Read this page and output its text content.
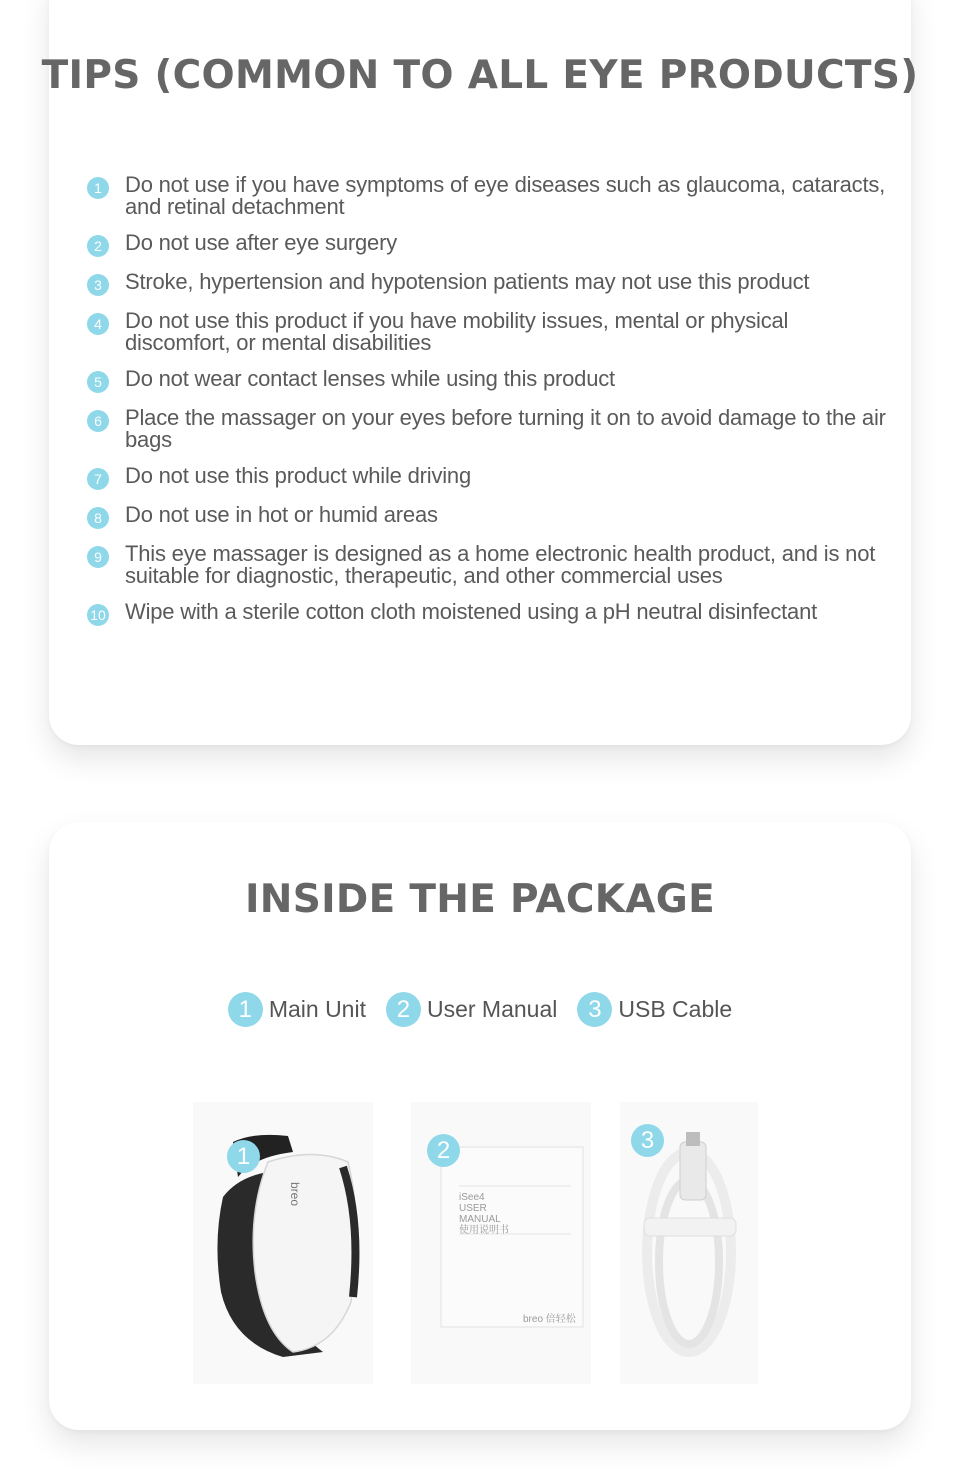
TIPS (COMMON TO ALL EYE PRODUCTS)
1	Do not use if you have symptoms of eye diseases such as glaucoma, cataracts, and retinal detachment
2	Do not use after eye surgery
3	Stroke, hypertension and hypotension patients may not use this product
4	Do not use this product if you have mobility issues, mental or physical discomfort, or mental disabilities
5	Do not wear contact lenses while using this product
6	Place the massager on your eyes before turning it on to avoid damage to the air bags
7	Do not use this product while driving
8	Do not use in hot or humid areas
9	This eye massager is designed as a home electronic health product, and is not suitable for diagnostic, therapeutic, and other commercial uses
10 Wipe with a sterile cotton cloth moistened using a pH neutral disinfectant
INSIDE THE PACKAGE
1 Main Unit	2 User Manual	3 USB Cable
breo
1
iSee4
USER
MANUAL
使用说明书
breo 倍轻松
2	3
